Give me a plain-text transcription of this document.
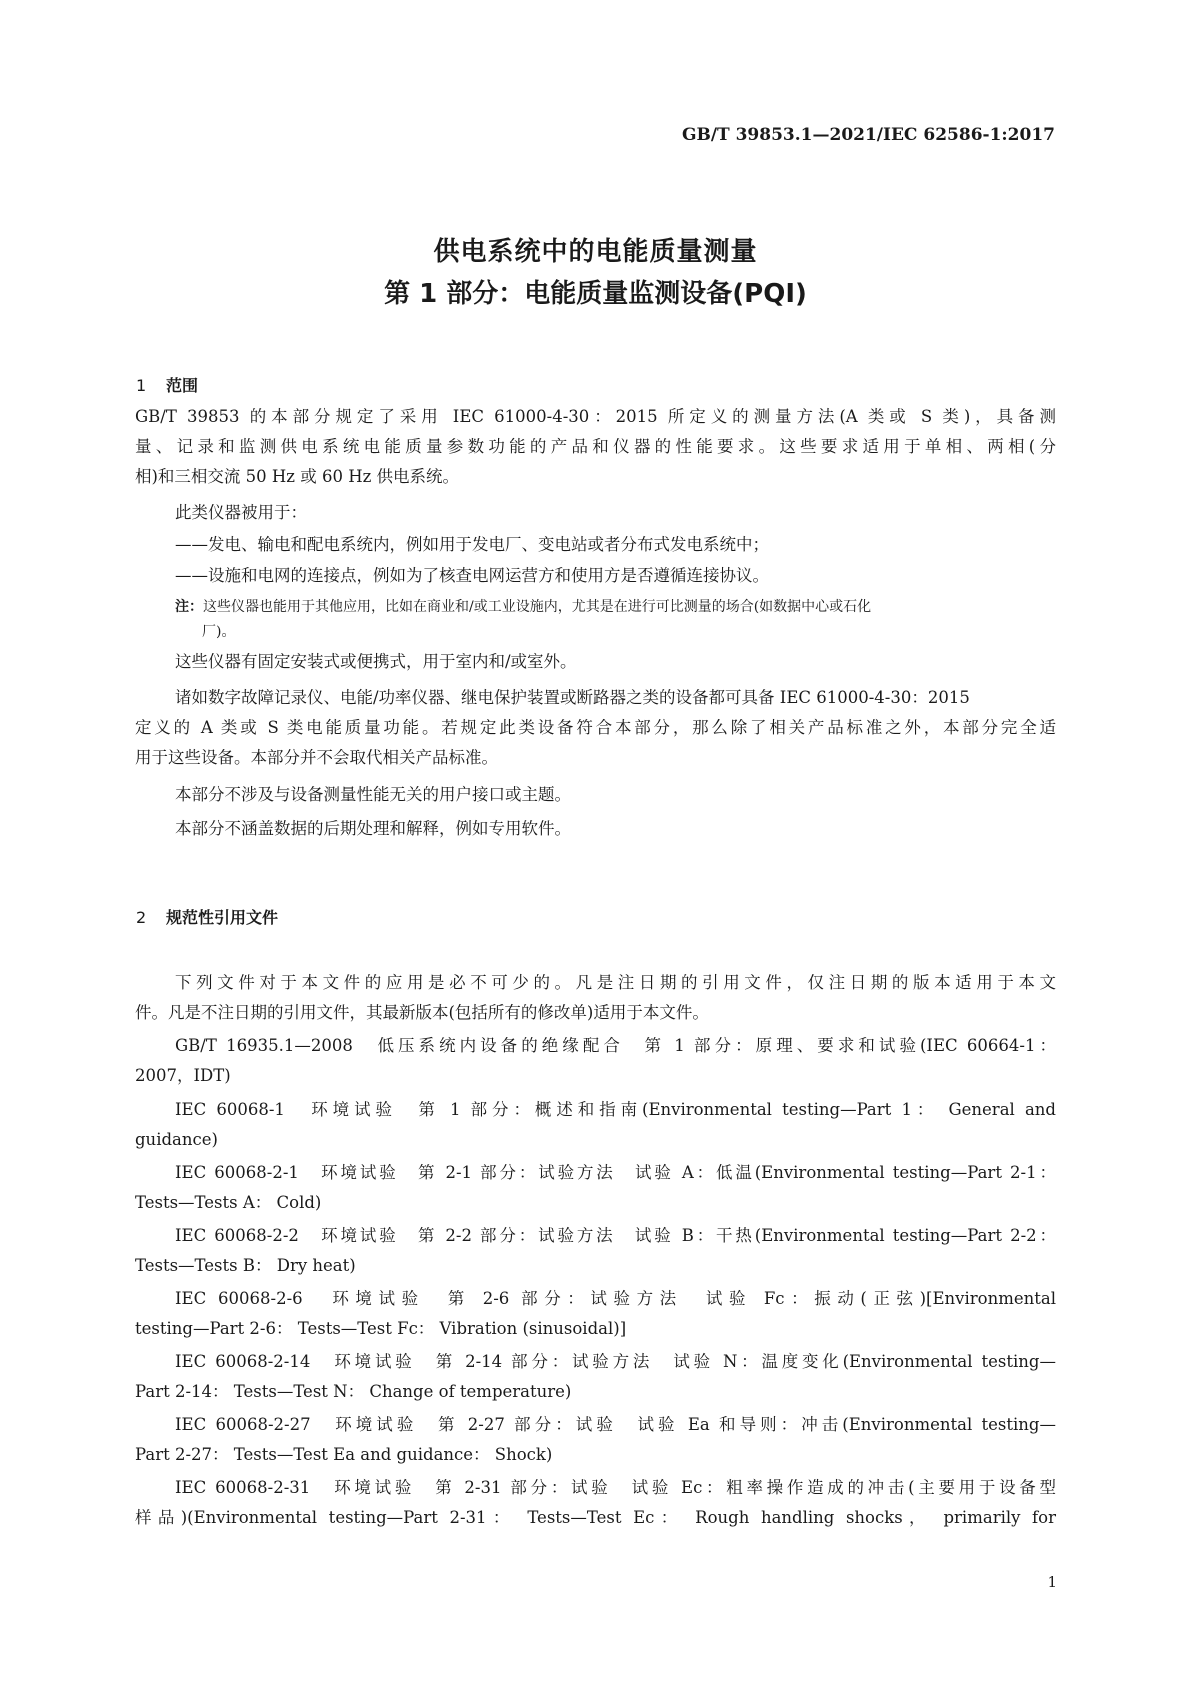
GB/T 39853.1—2021/IEC 62586-1:2017
供电系统中的电能质量测量
第 1 部分：电能质量监测设备(PQI)
1 范围
GB/T 39853 的本部分规定了采用 IEC 61000-4-30：2015 所定义的测量方法(A 类或 S 类)，具备测
量、记录和监测供电系统电能质量参数功能的产品和仪器的性能要求。这些要求适用于单相、两相(分
相)和三相交流 50 Hz 或 60 Hz 供电系统。
此类仪器被用于：
——发电、输电和配电系统内，例如用于发电厂、变电站或者分布式发电系统中；
——设施和电网的连接点，例如为了核查电网运营方和使用方是否遵循连接协议。
注：这些仪器也能用于其他应用，比如在商业和/或工业设施内，尤其是在进行可比测量的场合(如数据中心或石化
厂)。
这些仪器有固定安装式或便携式，用于室内和/或室外。
诸如数字故障记录仪、电能/功率仪器、继电保护装置或断路器之类的设备都可具备 IEC 61000-4-30：2015
定义的 A 类或 S 类电能质量功能。若规定此类设备符合本部分，那么除了相关产品标准之外，本部分完全适
用于这些设备。本部分并不会取代相关产品标准。
本部分不涉及与设备测量性能无关的用户接口或主题。
本部分不涵盖数据的后期处理和解释，例如专用软件。
2 规范性引用文件
下列文件对于本文件的应用是必不可少的。凡是注日期的引用文件，仅注日期的版本适用于本文
件。凡是不注日期的引用文件，其最新版本(包括所有的修改单)适用于本文件。
GB/T 16935.1—2008　低压系统内设备的绝缘配合　第 1 部分：原理、要求和试验(IEC 60664-1：
2007，IDT)
IEC 60068-1　环境试验　第 1 部分：概述和指南(Environmental testing—Part 1： General and
guidance)
IEC 60068-2-1　环境试验　第 2-1 部分：试验方法　试验 A：低温(Environmental testing—Part 2-1：
Tests—Tests A： Cold)
IEC 60068-2-2　环境试验　第 2-2 部分：试验方法　试验 B：干热(Environmental testing—Part 2-2：
Tests—Tests B： Dry heat)
IEC 60068-2-6　环境试验　第 2-6 部分：试验方法　试验 Fc：振动(正弦)[Environmental
testing—Part 2-6： Tests—Test Fc： Vibration (sinusoidal)]
IEC 60068-2-14　环境试验　第 2-14 部分：试验方法　试验 N：温度变化(Environmental testing—
Part 2-14： Tests—Test N： Change of temperature)
IEC 60068-2-27　环境试验　第 2-27 部分：试验　试验 Ea 和导则：冲击(Environmental testing—
Part 2-27： Tests—Test Ea and guidance： Shock)
IEC 60068-2-31　环境试验　第 2-31 部分：试验　试验 Ec：粗率操作造成的冲击(主要用于设备型
样品)(Environmental testing—Part 2-31： Tests—Test Ec： Rough handling shocks， primarily for
1
